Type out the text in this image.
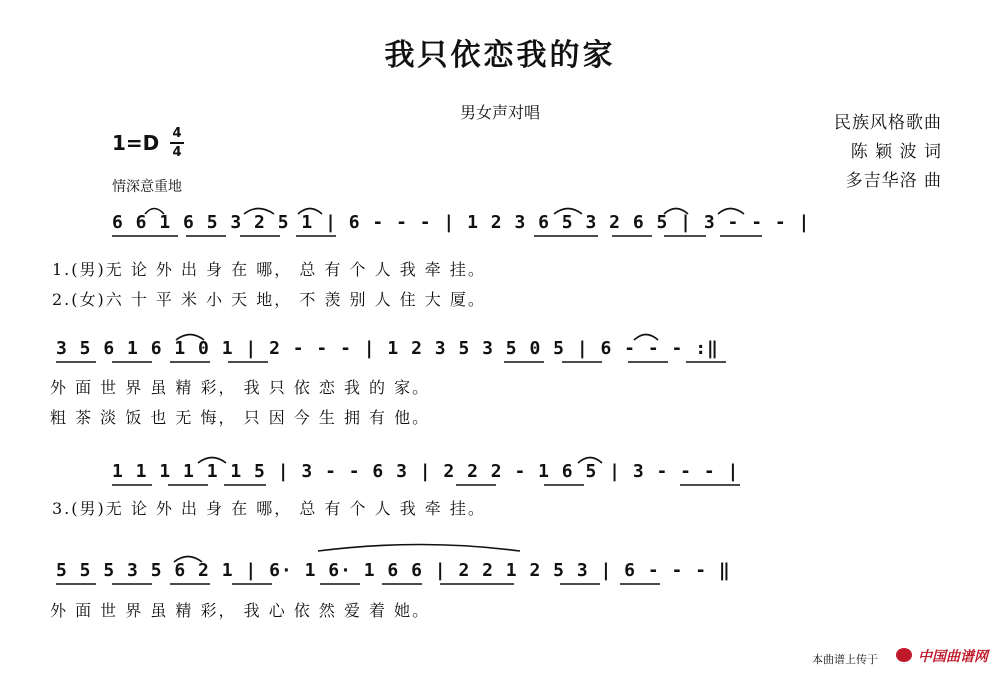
我只依恋我的家
男女声对唱
民族风格歌曲
陈 颖 波 词
多吉华洛 曲
1=D 4
4
情深意重地
6 6 1 6 5 3 2 5 1 | 6 - - - | 1 2 3 6 5 3 2 6 5 | 3 - - - |
1.(男)无 论 外 出 身 在 哪， 总 有 个 人 我 牵 挂。
2.(女)六 十 平 米 小 天 地， 不 羡 别 人 住 大 厦。
3 5 6 1 6 1 0 1 | 2 - - - | 1 2 3 5 3 5 0 5 | 6 - - - :‖
外 面 世 界 虽 精 彩， 我 只 依 恋 我 的 家。
粗 茶 淡 饭 也 无 悔， 只 因 今 生 拥 有 他。
1 1 1 1 1 1 5 | 3 - - 6 3 | 2 2 2 - 1 6 5 | 3 - - - |
3.(男)无 论 外 出 身 在 哪， 总 有 个 人 我 牵 挂。
5 5 5 3 5 6 2 1 | 6· 1 6· 1 6 6 | 2 2 1 2 5 3 | 6 - - - ‖
外 面 世 界 虽 精 彩， 我 心 依 然 爱 着 她。
本曲谱上传于	中国曲谱网
